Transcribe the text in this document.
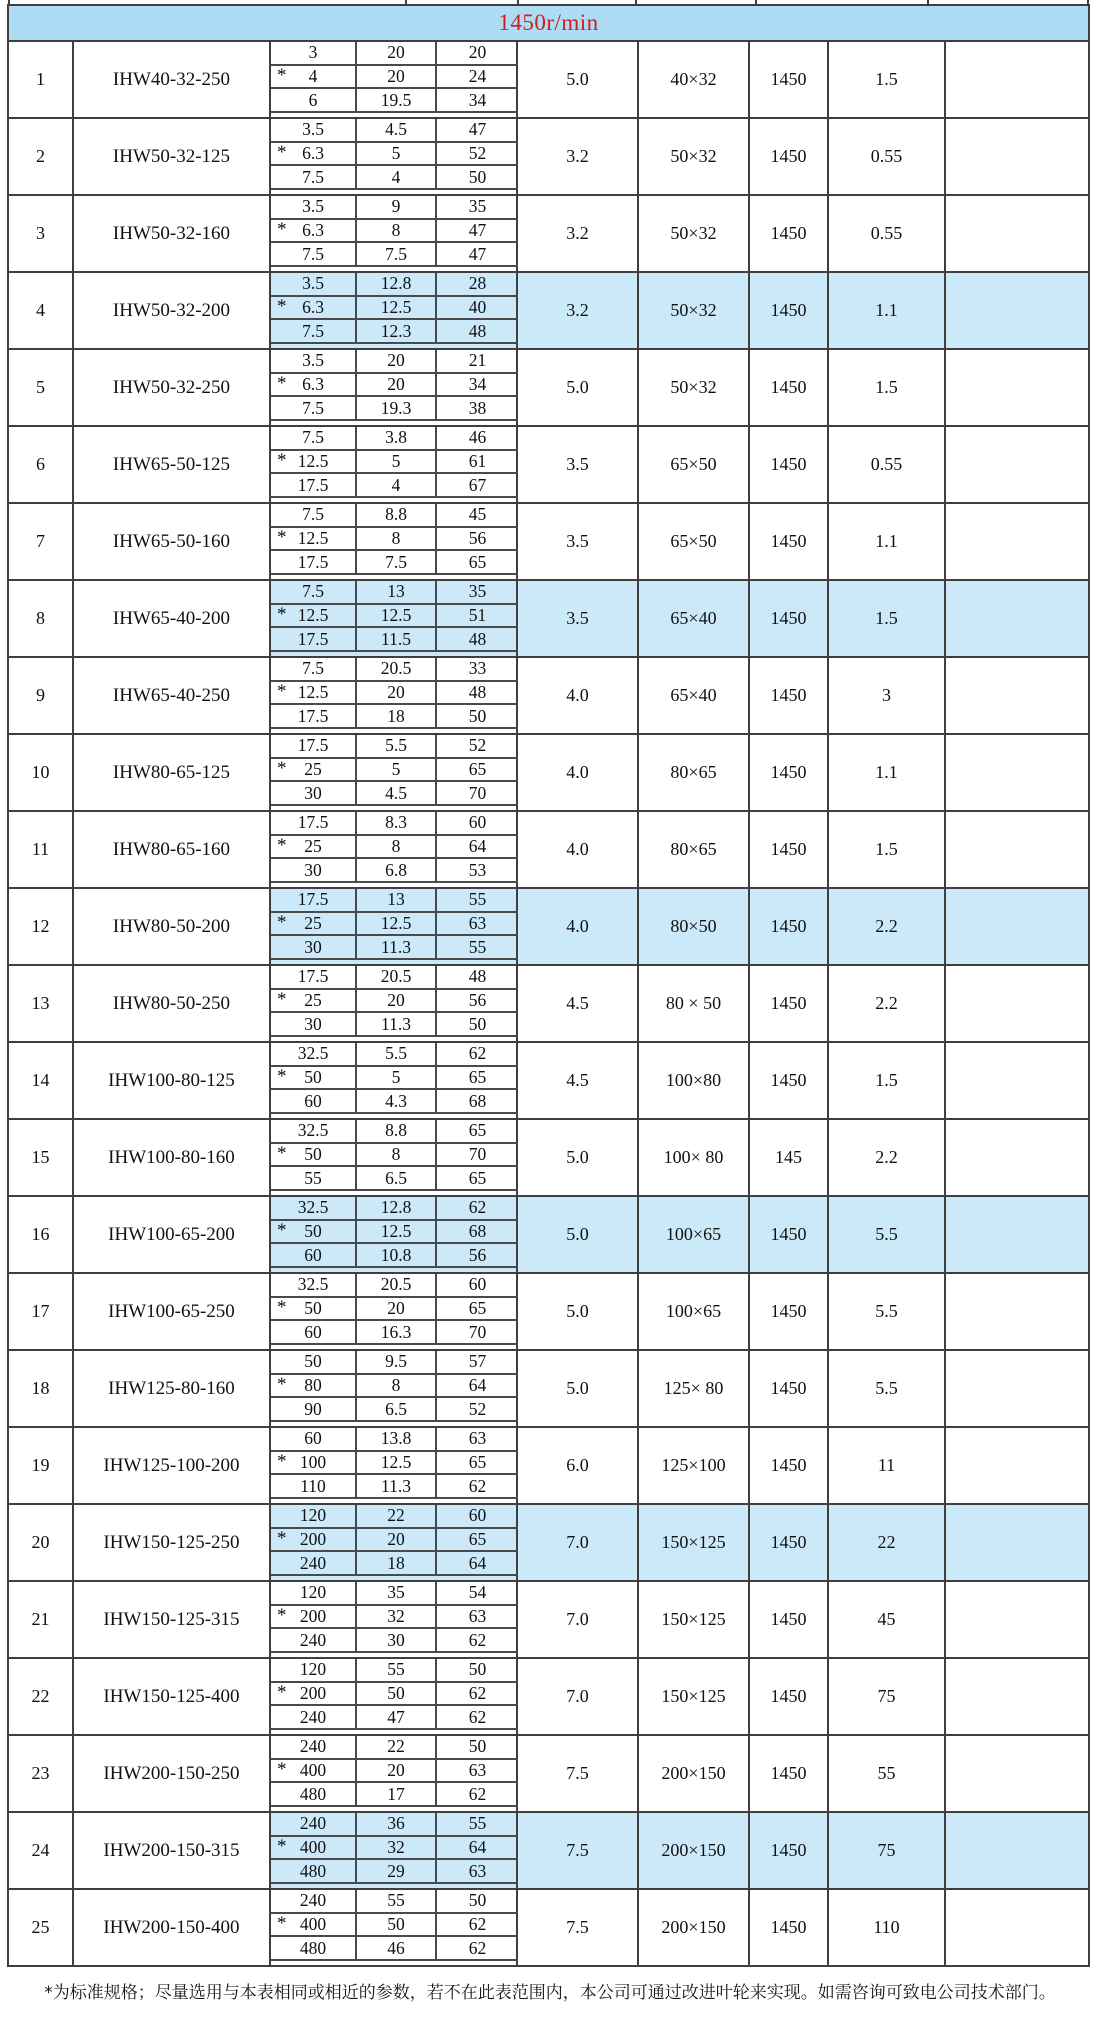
1450r/min
1	IHW40-32-250
3	20	20
* 4	20	24
6	19.5	34
5.0	40×32	1450	1.5
2	IHW50-32-125
3.5	4.5	47
* 6.3	5	52
7.5	4	50
3.2	50×32	1450	0.55
3	IHW50-32-160
3.5	9	35
* 6.3	8	47
7.5	7.5	47
3.2	50×32	1450	0.55
4	IHW50-32-200
3.5	12.8	28
* 6.3	12.5	40
7.5	12.3	48
3.2	50×32	1450	1.1
5	IHW50-32-250
3.5	20	21
* 6.3	20	34
7.5	19.3	38
5.0	50×32	1450	1.5
6	IHW65-50-125
7.5	3.8	46
* 12.5	5	61
17.5	4	67
3.5	65×50	1450	0.55
7	IHW65-50-160
7.5	8.8	45
* 12.5	8	56
17.5	7.5	65
3.5	65×50	1450	1.1
8	IHW65-40-200
7.5	13	35
* 12.5	12.5	51
17.5	11.5	48
3.5	65×40	1450	1.5
9	IHW65-40-250
7.5	20.5	33
* 12.5	20	48
17.5	18	50
4.0	65×40	1450	3
10	IHW80-65-125
17.5	5.5	52
* 25	5	65
30	4.5	70
4.0	80×65	1450	1.1
11	IHW80-65-160
17.5	8.3	60
* 25	8	64
30	6.8	53
4.0	80×65	1450	1.5
12	IHW80-50-200
17.5	13	55
* 25	12.5	63
30	11.3	55
4.0	80×50	1450	2.2
13	IHW80-50-250
17.5	20.5	48
* 25	20	56
30	11.3	50
4.5	80 × 50	1450	2.2
14	IHW100-80-125
32.5	5.5	62
* 50	5	65
60	4.3	68
4.5	100×80	1450	1.5
15	IHW100-80-160
32.5	8.8	65
* 50	8	70
55	6.5	65
5.0	100× 80	145	2.2
16	IHW100-65-200
32.5	12.8	62
* 50	12.5	68
60	10.8	56
5.0	100×65	1450	5.5
17	IHW100-65-250
32.5	20.5	60
* 50	20	65
60	16.3	70
5.0	100×65	1450	5.5
18	IHW125-80-160
50	9.5	57
* 80	8	64
90	6.5	52
5.0	125× 80	1450	5.5
19	IHW125-100-200
60	13.8	63
* 100	12.5	65
110	11.3	62
6.0	125×100	1450	11
20	IHW150-125-250
120	22	60
* 200	20	65
240	18	64
7.0	150×125	1450	22
21	IHW150-125-315
120	35	54
* 200	32	63
240	30	62
7.0	150×125	1450	45
22	IHW150-125-400
120	55	50
* 200	50	62
240	47	62
7.0	150×125	1450	75
23	IHW200-150-250
240	22	50
* 400	20	63
480	17	62
7.5	200×150	1450	55
24	IHW200-150-315
240	36	55
* 400	32	64
480	29	63
7.5	200×150	1450	75
25	IHW200-150-400
240	55	50
* 400	50	62
480	46	62
7.5	200×150	1450	110
*为标准规格；尽量选用与本表相同或相近的参数，若不在此表范围内，本公司可通过改进叶轮来实现。如需咨询可致电公司技术部门。
